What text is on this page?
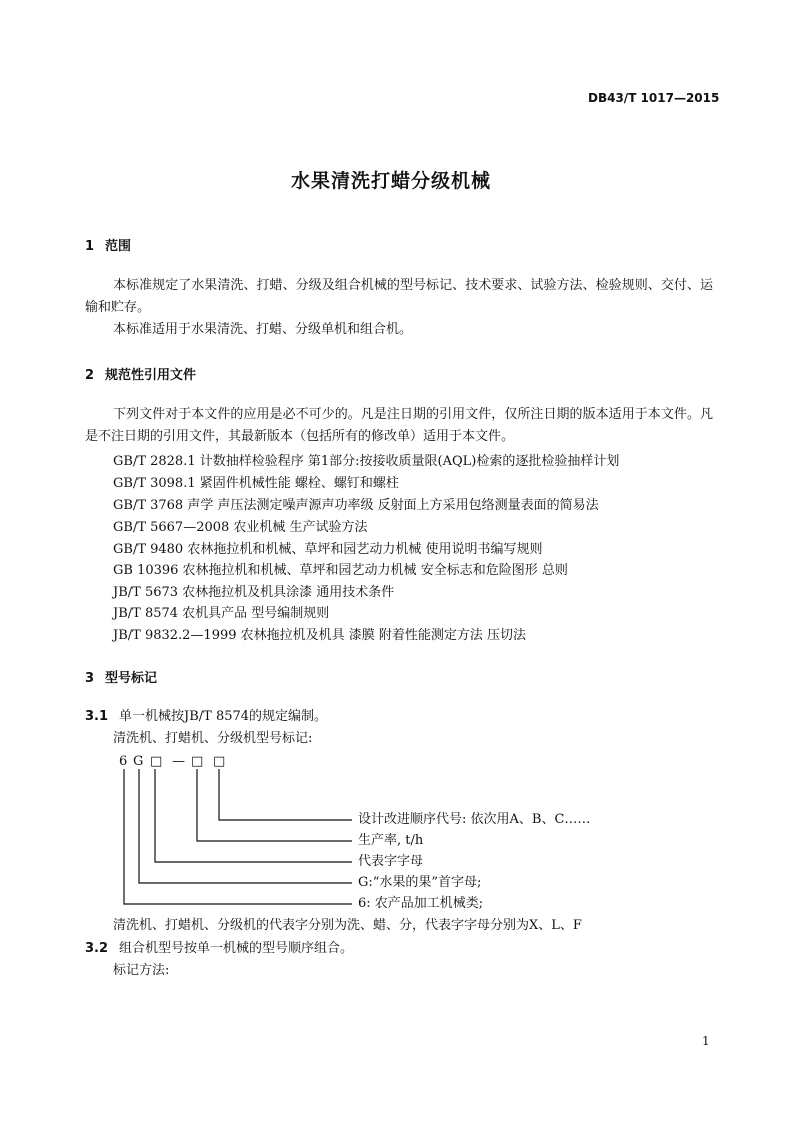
DB43/T 1017—2015
水果清洗打蜡分级机械
1 范围
本标准规定了水果清洗、打蜡、分级及组合机械的型号标记、技术要求、试验方法、检验规则、交付、运输和贮存。
本标准适用于水果清洗、打蜡、分级单机和组合机。
2 规范性引用文件
下列文件对于本文件的应用是必不可少的。凡是注日期的引用文件，仅所注日期的版本适用于本文件。凡是不注日期的引用文件，其最新版本（包括所有的修改单）适用于本文件。
GB/T 2828.1 计数抽样检验程序 第1部分:按接收质量限(AQL)检索的逐批检验抽样计划
GB/T 3098.1 紧固件机械性能 螺栓、螺钉和螺柱
GB/T 3768 声学 声压法测定噪声源声功率级 反射面上方采用包络测量表面的简易法
GB/T 5667—2008 农业机械 生产试验方法
GB/T 9480 农林拖拉机和机械、草坪和园艺动力机械 使用说明书编写规则
GB 10396 农林拖拉机和机械、草坪和园艺动力机械 安全标志和危险图形 总则
JB/T 5673 农林拖拉机及机具涂漆 通用技术条件
JB/T 8574 农机具产品 型号编制规则
JB/T 9832.2—1999 农林拖拉机及机具 漆膜 附着性能测定方法 压切法
3 型号标记
3.1 单一机械按JB/T 8574的规定编制。
清洗机、打蜡机、分级机型号标记:
6 G □ — □ □
设计改进顺序代号: 依次用A、B、C……
生产率, t/h
代表字字母
G:“水果的果”首字母;
6: 农产品加工机械类;
清洗机、打蜡机、分级机的代表字分别为洗、蜡、分，代表字字母分别为X、L、F
3.2 组合机型号按单一机械的型号顺序组合。
标记方法:
1
